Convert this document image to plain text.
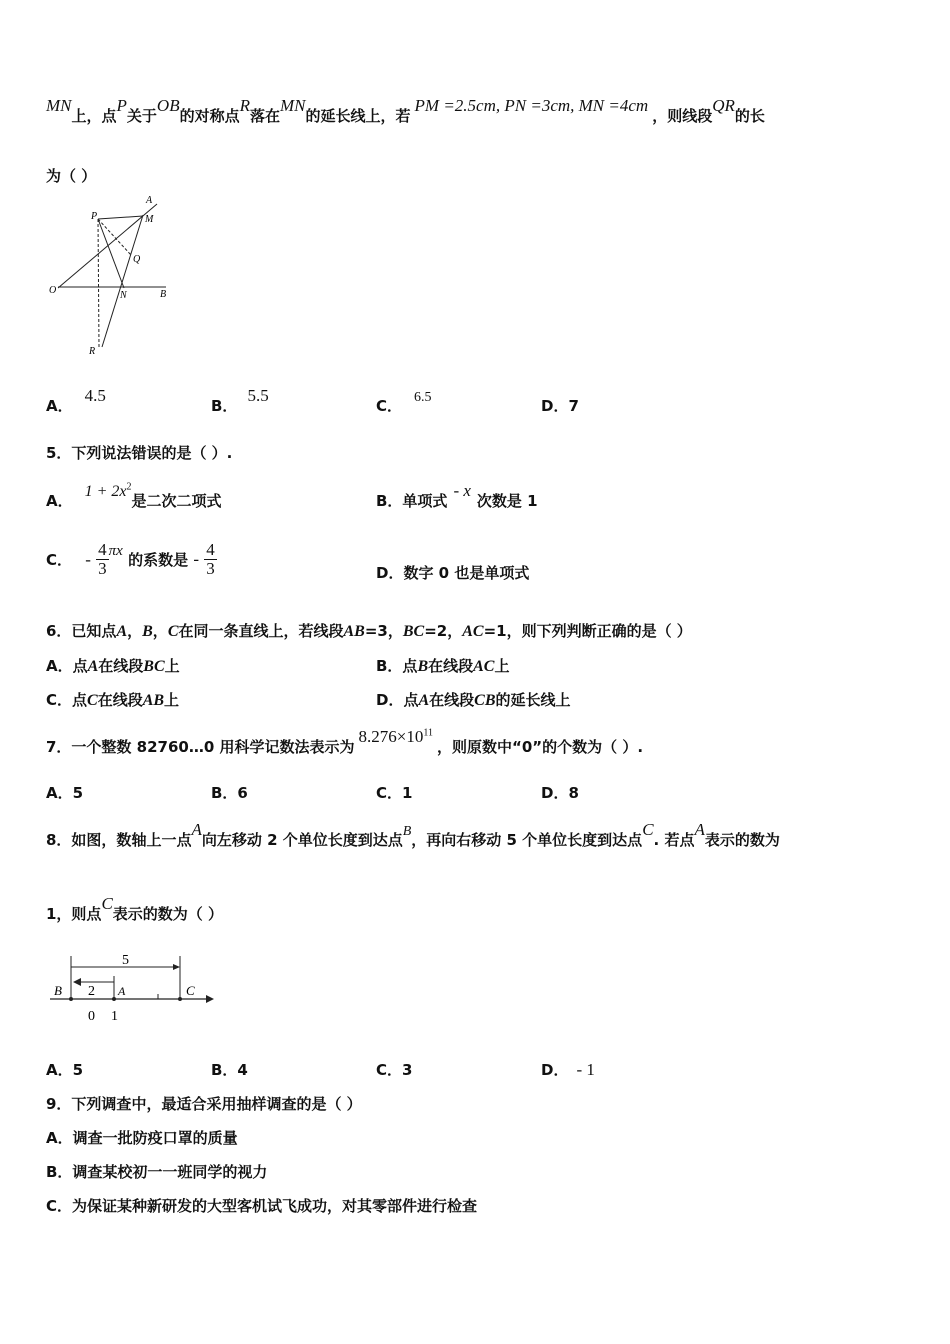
MN上，点P关于OB的对称点R落在MN的延长线上，若PM =2.5cm, PN =3cm, MN =4cm，则线段QR的长
为（ ）
A
M
P
Q
O	N	B
R
A．4.5
B．5.5
C． 6.5	D．7
5．下列说法错误的是（ ）.
A．$1 + 2x^2$是二次二项式	B．单项式- x次数是 1
C． - $\frac{4}{3}$ πx 的系数是 - $\frac{4}{3}$	D．数字 0 也是单项式
6．已知点A，B，C在同一条直线上，若线段AB=3，BC=2，AC=1，则下列判断正确的是（ ）
A．点A在线段BC上	B．点B在线段AC上
C．点C在线段AB上	D．点A在线段CB的延长线上
7．一个整数 82760…0 用科学记数法表示为$8.276\times 10^{11}$，则原数中“0”的个数为（ ）.
A．5	B．6	C．1	D．8
8．如图，数轴上一点A向左移动 2 个单位长度到达点B，再向右移动 5 个单位长度到达点C. 若点A表示的数为
1，则点C表示的数为（ ）
5
2
B	A	C
0 1
A．5	B．4	C．3	D． - 1
9．下列调查中，最适合采用抽样调查的是（ ）
A．调查一批防疫口罩的质量
B．调查某校初一一班同学的视力
C．为保证某种新研发的大型客机试飞成功，对其零部件进行检查
